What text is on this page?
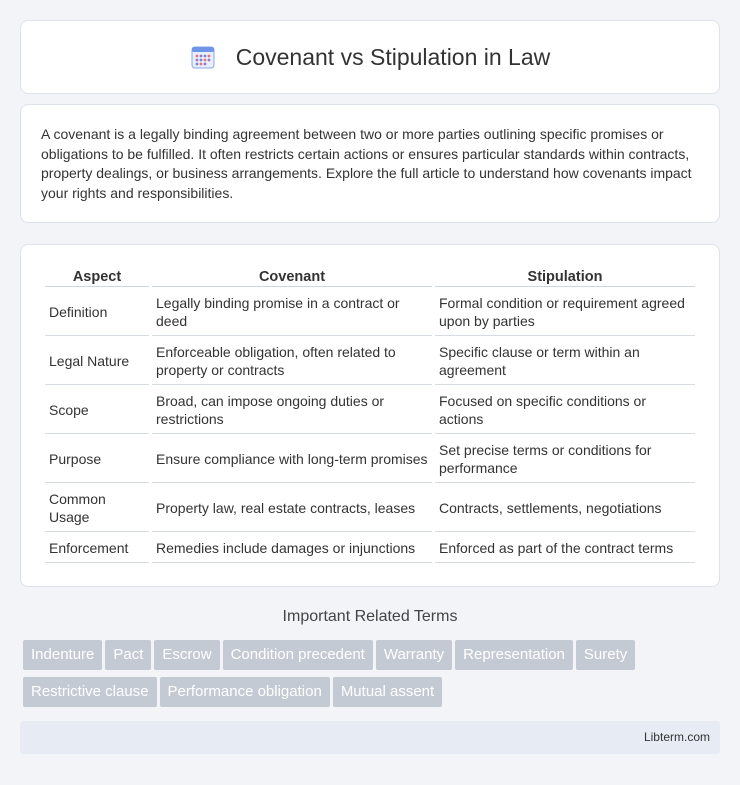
Covenant vs Stipulation in Law

A covenant is a legally binding agreement between two or more parties outlining specific promises or obligations to be fulfilled. It often restricts certain actions or ensures particular standards within contracts, property dealings, or business arrangements. Explore the full article to understand how covenants impact your rights and responsibilities.

Aspect	Covenant	Stipulation
Definition	Legally binding promise in a contract or deed	Formal condition or requirement agreed upon by parties
Legal Nature	Enforceable obligation, often related to property or contracts	Specific clause or term within an agreement
Scope	Broad, can impose ongoing duties or restrictions	Focused on specific conditions or actions
Purpose	Ensure compliance with long-term promises	Set precise terms or conditions for performance
Common Usage	Property law, real estate contracts, leases	Contracts, settlements, negotiations
Enforcement	Remedies include damages or injunctions	Enforced as part of the contract terms
Important Related Terms
Indenture Pact Escrow Condition precedent Warranty Representation SuretyRestrictive clause Performance obligation Mutual assent
Libterm.com
